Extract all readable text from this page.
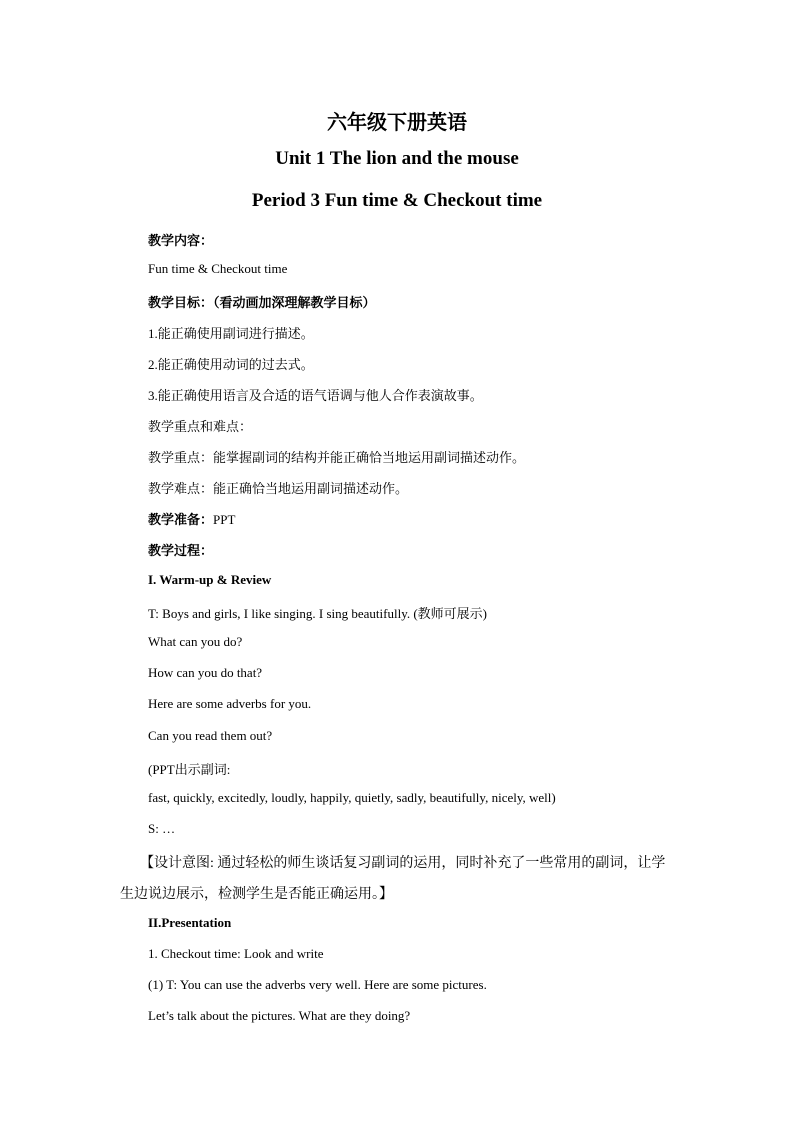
六年级下册英语
Unit 1 The lion and the mouse
Period 3 Fun time & Checkout time
教学内容：
Fun time & Checkout time
教学目标：（看动画加深理解教学目标）
1.能正确使用副词进行描述。
2.能正确使用动词的过去式。
3.能正确使用语言及合适的语气语调与他人合作表演故事。
教学重点和难点：
教学重点：能掌握副词的结构并能正确恰当地运用副词描述动作。
教学难点：能正确恰当地运用副词描述动作。
教学准备：PPT
教学过程：
I. Warm-up & Review
T: Boys and girls, I like singing. I sing beautifully. (教师可展示)
What can you do?
How can you do that?
Here are some adverbs for you.
Can you read them out?
(PPT出示副词:
fast, quickly, excitedly, loudly, happily, quietly, sadly, beautifully, nicely, well)
S: …
【设计意图: 通过轻松的师生谈话复习副词的运用，同时补充了一些常用的副词，让学
生边说边展示，检测学生是否能正确运用。】
II.Presentation
1. Checkout time: Look and write
(1) T: You can use the adverbs very well. Here are some pictures.
Let’s talk about the pictures. What are they doing?
